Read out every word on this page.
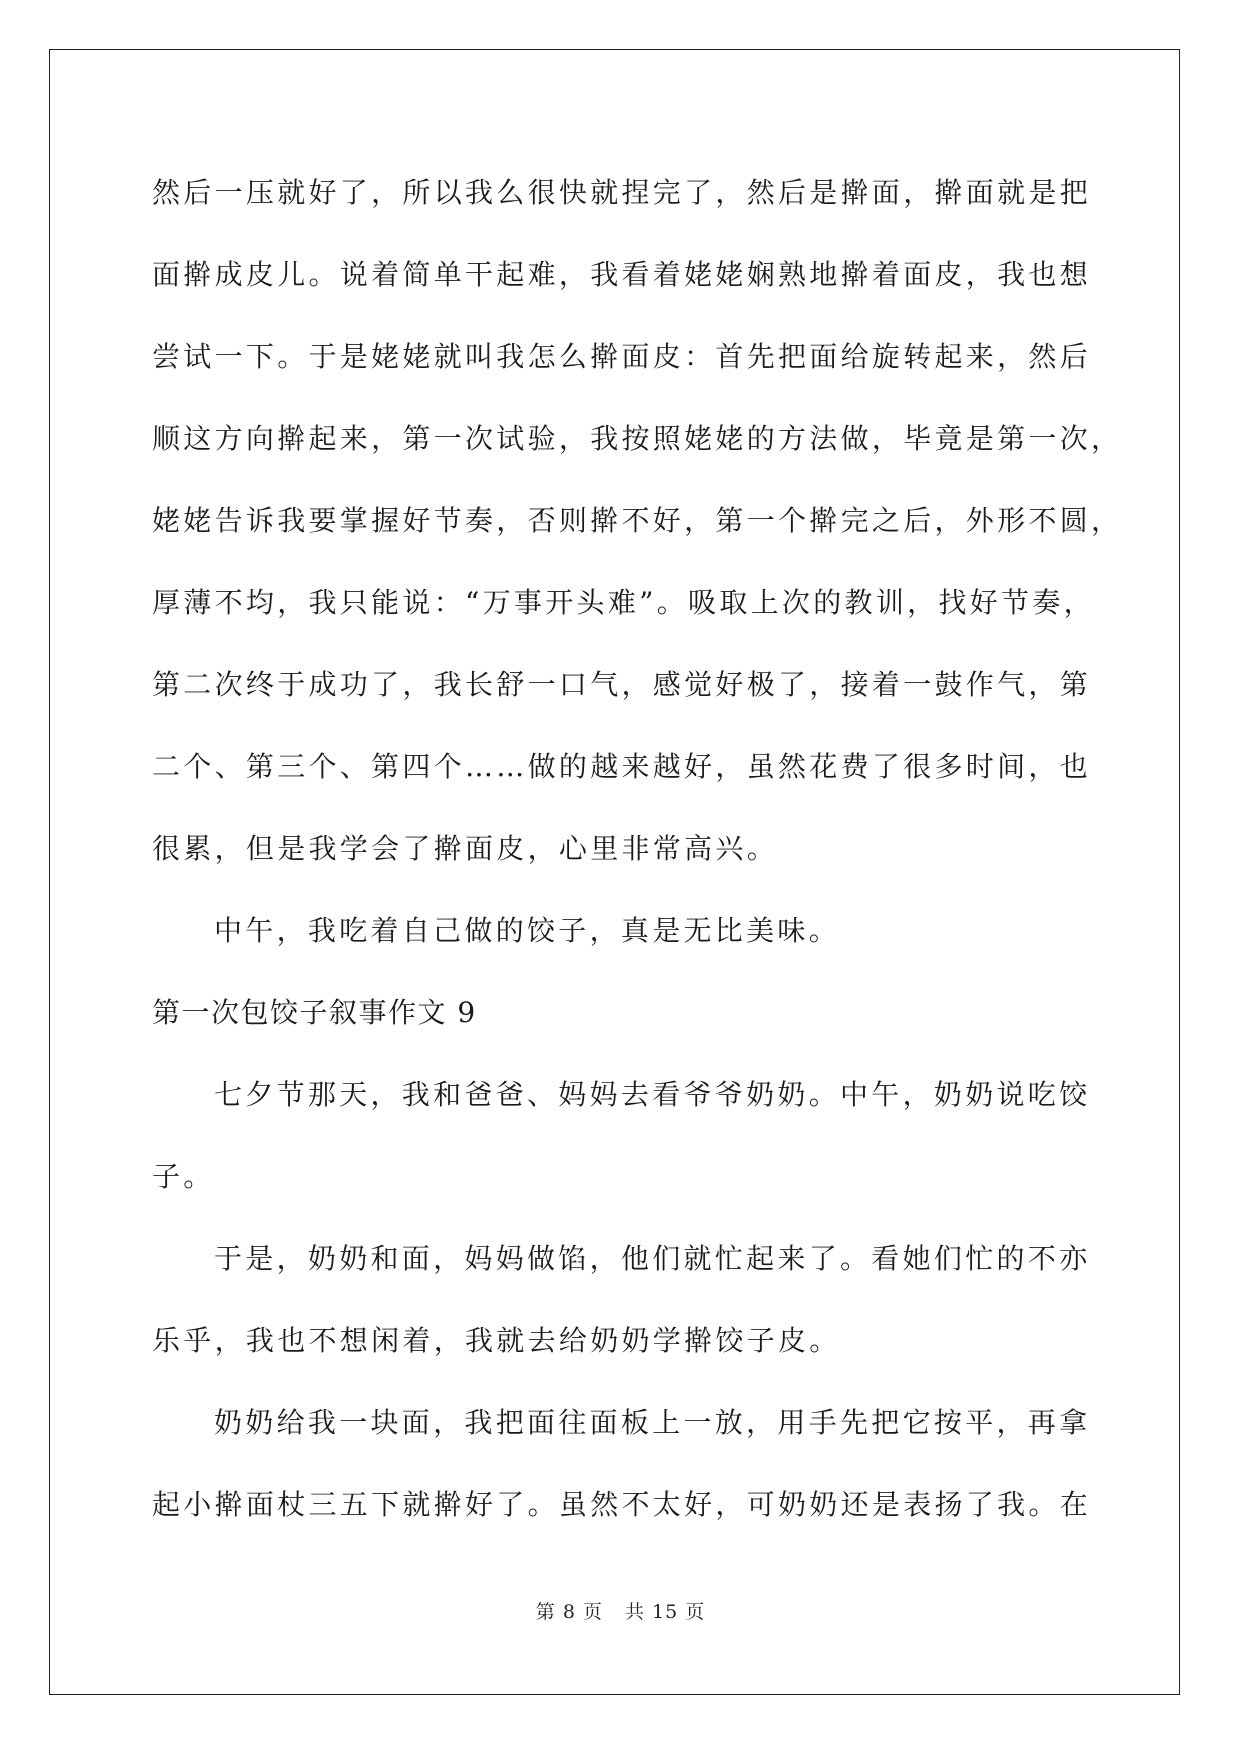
然后一压就好了，所以我么很快就捏完了，然后是擀面，擀面就是把

面擀成皮儿。说着简单干起难，我看着姥姥娴熟地擀着面皮，我也想

尝试一下。于是姥姥就叫我怎么擀面皮：首先把面给旋转起来，然后

顺这方向擀起来，第一次试验，我按照姥姥的方法做，毕竟是第一次，

姥姥告诉我要掌握好节奏，否则擀不好，第一个擀完之后，外形不圆，

厚薄不均，我只能说：“万事开头难”。吸取上次的教训，找好节奏，

第二次终于成功了，我长舒一口气，感觉好极了，接着一鼓作气，第

二个、第三个、第四个……做的越来越好，虽然花费了很多时间，也

很累，但是我学会了擀面皮，心里非常高兴。

中午，我吃着自己做的饺子，真是无比美味。

第一次包饺子叙事作文 9

七夕节那天，我和爸爸、妈妈去看爷爷奶奶。中午，奶奶说吃饺

子。

于是，奶奶和面，妈妈做馅，他们就忙起来了。看她们忙的不亦

乐乎，我也不想闲着，我就去给奶奶学擀饺子皮。

奶奶给我一块面，我把面往面板上一放，用手先把它按平，再拿

起小擀面杖三五下就擀好了。虽然不太好，可奶奶还是表扬了我。在

第 8 页 共 15 页
